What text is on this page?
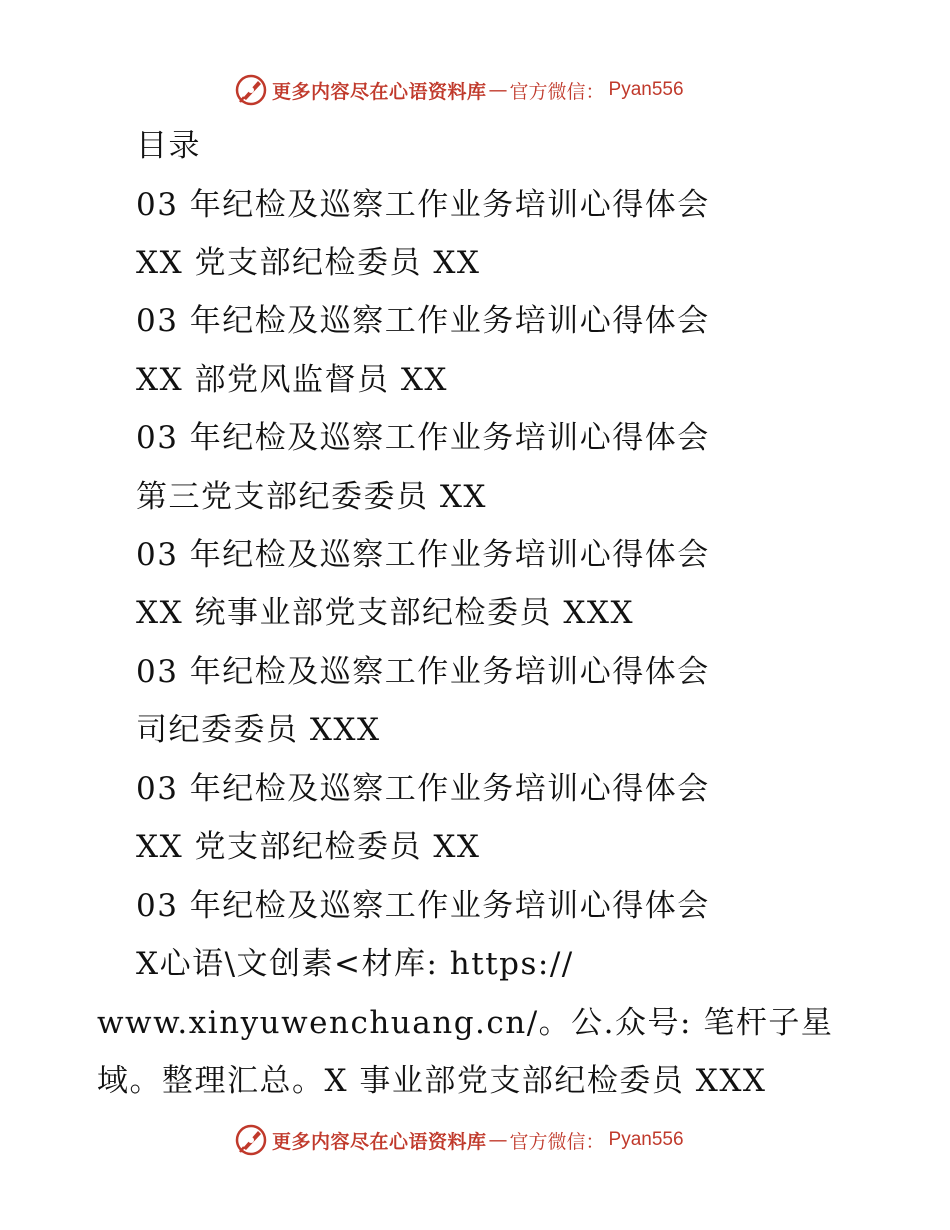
更多内容尽在心语资料库 — 官方微信： Pyan556
目录
03 年纪检及巡察工作业务培训心得体会
XX 党支部纪检委员 XX
03 年纪检及巡察工作业务培训心得体会
XX 部党风监督员 XX
03 年纪检及巡察工作业务培训心得体会
第三党支部纪委委员 XX
03 年纪检及巡察工作业务培训心得体会
XX 统事业部党支部纪检委员 XXX
03 年纪检及巡察工作业务培训心得体会
司纪委委员 XXX
03 年纪检及巡察工作业务培训心得体会
XX 党支部纪检委员 XX
03 年纪检及巡察工作业务培训心得体会
X心语\文创素<材库: https://
www.xinyuwenchuang.cn/。公.众号: 笔杆子星
域。整理汇总。X 事业部党支部纪检委员 XXX
更多内容尽在心语资料库 — 官方微信： Pyan556
